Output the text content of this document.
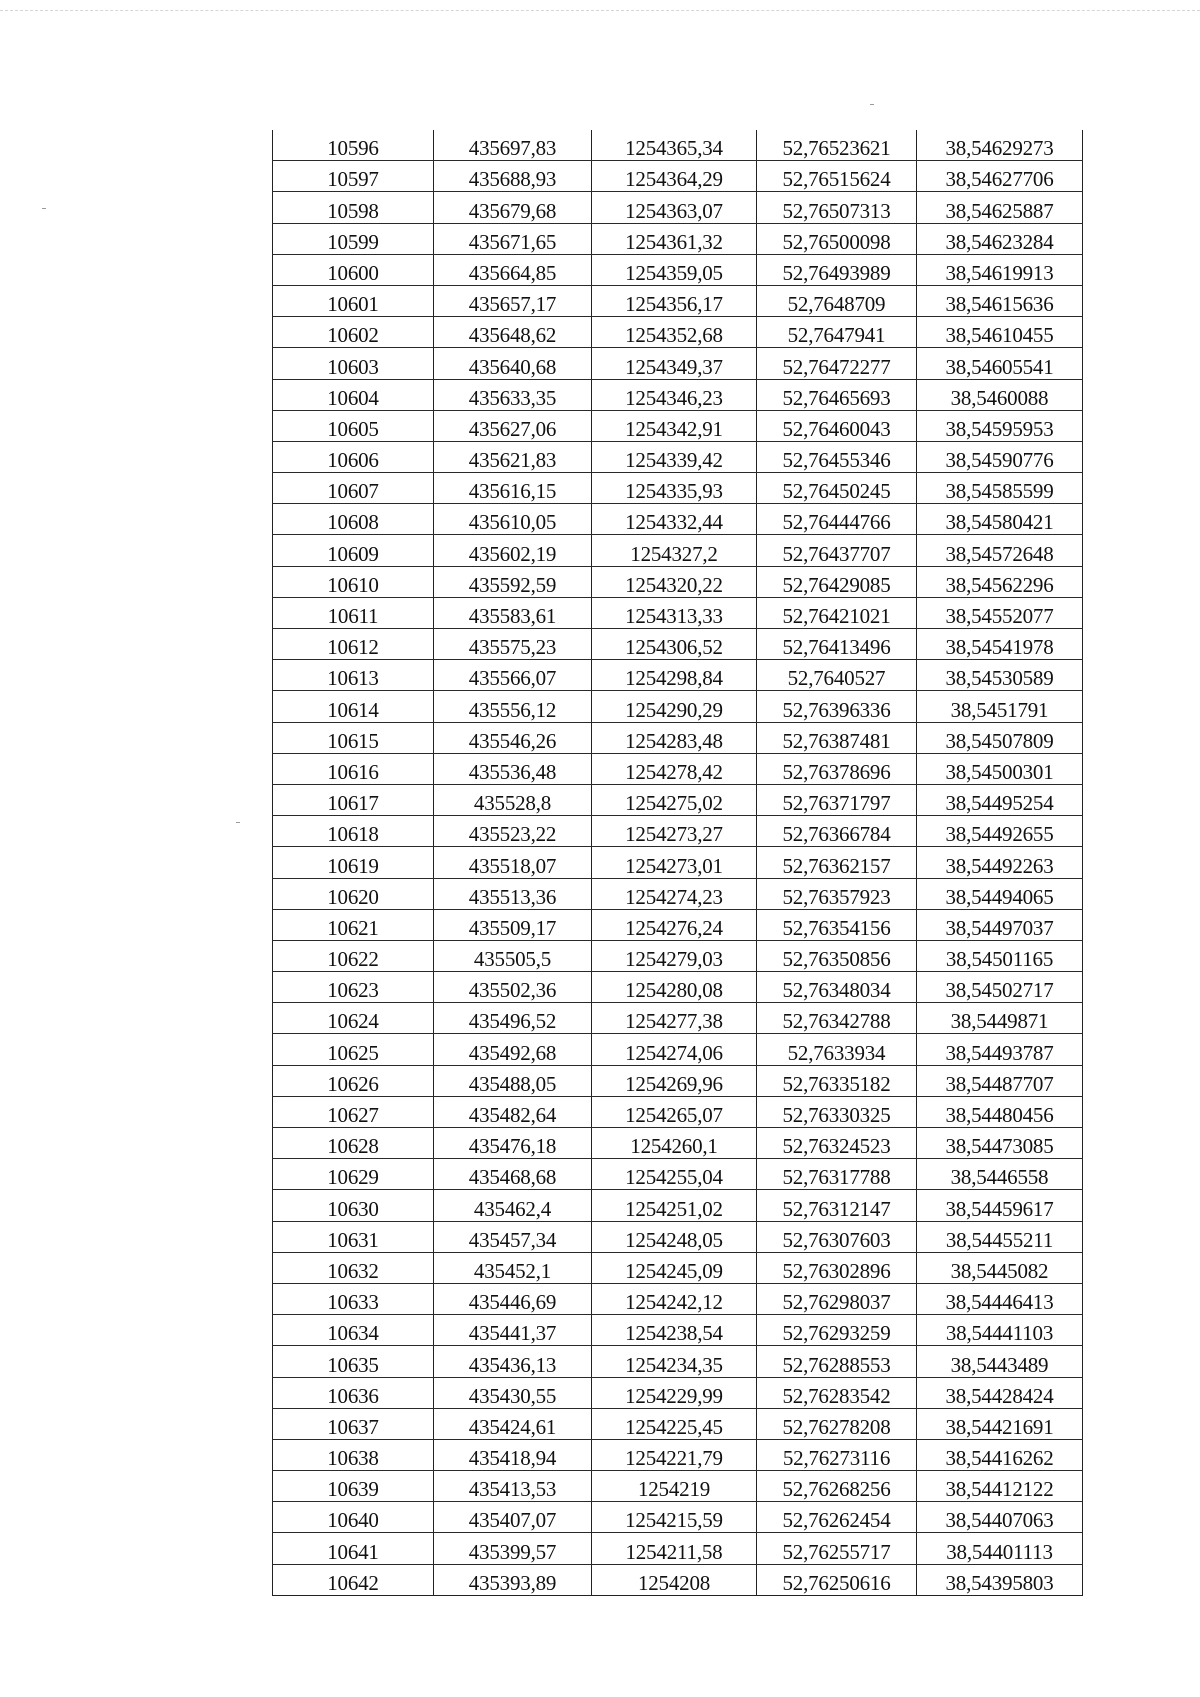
10596	435697,83	1254365,34	52,76523621	38,54629273
10597	435688,93	1254364,29	52,76515624	38,54627706
10598	435679,68	1254363,07	52,76507313	38,54625887
10599	435671,65	1254361,32	52,76500098	38,54623284
10600	435664,85	1254359,05	52,76493989	38,54619913
10601	435657,17	1254356,17	52,7648709	38,54615636
10602	435648,62	1254352,68	52,7647941	38,54610455
10603	435640,68	1254349,37	52,76472277	38,54605541
10604	435633,35	1254346,23	52,76465693	38,5460088
10605	435627,06	1254342,91	52,76460043	38,54595953
10606	435621,83	1254339,42	52,76455346	38,54590776
10607	435616,15	1254335,93	52,76450245	38,54585599
10608	435610,05	1254332,44	52,76444766	38,54580421
10609	435602,19	1254327,2	52,76437707	38,54572648
10610	435592,59	1254320,22	52,76429085	38,54562296
10611	435583,61	1254313,33	52,76421021	38,54552077
10612	435575,23	1254306,52	52,76413496	38,54541978
10613	435566,07	1254298,84	52,7640527	38,54530589
10614	435556,12	1254290,29	52,76396336	38,5451791
10615	435546,26	1254283,48	52,76387481	38,54507809
10616	435536,48	1254278,42	52,76378696	38,54500301
10617	435528,8	1254275,02	52,76371797	38,54495254
10618	435523,22	1254273,27	52,76366784	38,54492655
10619	435518,07	1254273,01	52,76362157	38,54492263
10620	435513,36	1254274,23	52,76357923	38,54494065
10621	435509,17	1254276,24	52,76354156	38,54497037
10622	435505,5	1254279,03	52,76350856	38,54501165
10623	435502,36	1254280,08	52,76348034	38,54502717
10624	435496,52	1254277,38	52,76342788	38,5449871
10625	435492,68	1254274,06	52,7633934	38,54493787
10626	435488,05	1254269,96	52,76335182	38,54487707
10627	435482,64	1254265,07	52,76330325	38,54480456
10628	435476,18	1254260,1	52,76324523	38,54473085
10629	435468,68	1254255,04	52,76317788	38,5446558
10630	435462,4	1254251,02	52,76312147	38,54459617
10631	435457,34	1254248,05	52,76307603	38,54455211
10632	435452,1	1254245,09	52,76302896	38,5445082
10633	435446,69	1254242,12	52,76298037	38,54446413
10634	435441,37	1254238,54	52,76293259	38,54441103
10635	435436,13	1254234,35	52,76288553	38,5443489
10636	435430,55	1254229,99	52,76283542	38,54428424
10637	435424,61	1254225,45	52,76278208	38,54421691
10638	435418,94	1254221,79	52,76273116	38,54416262
10639	435413,53	1254219	52,76268256	38,54412122
10640	435407,07	1254215,59	52,76262454	38,54407063
10641	435399,57	1254211,58	52,76255717	38,54401113
10642	435393,89	1254208	52,76250616	38,54395803
